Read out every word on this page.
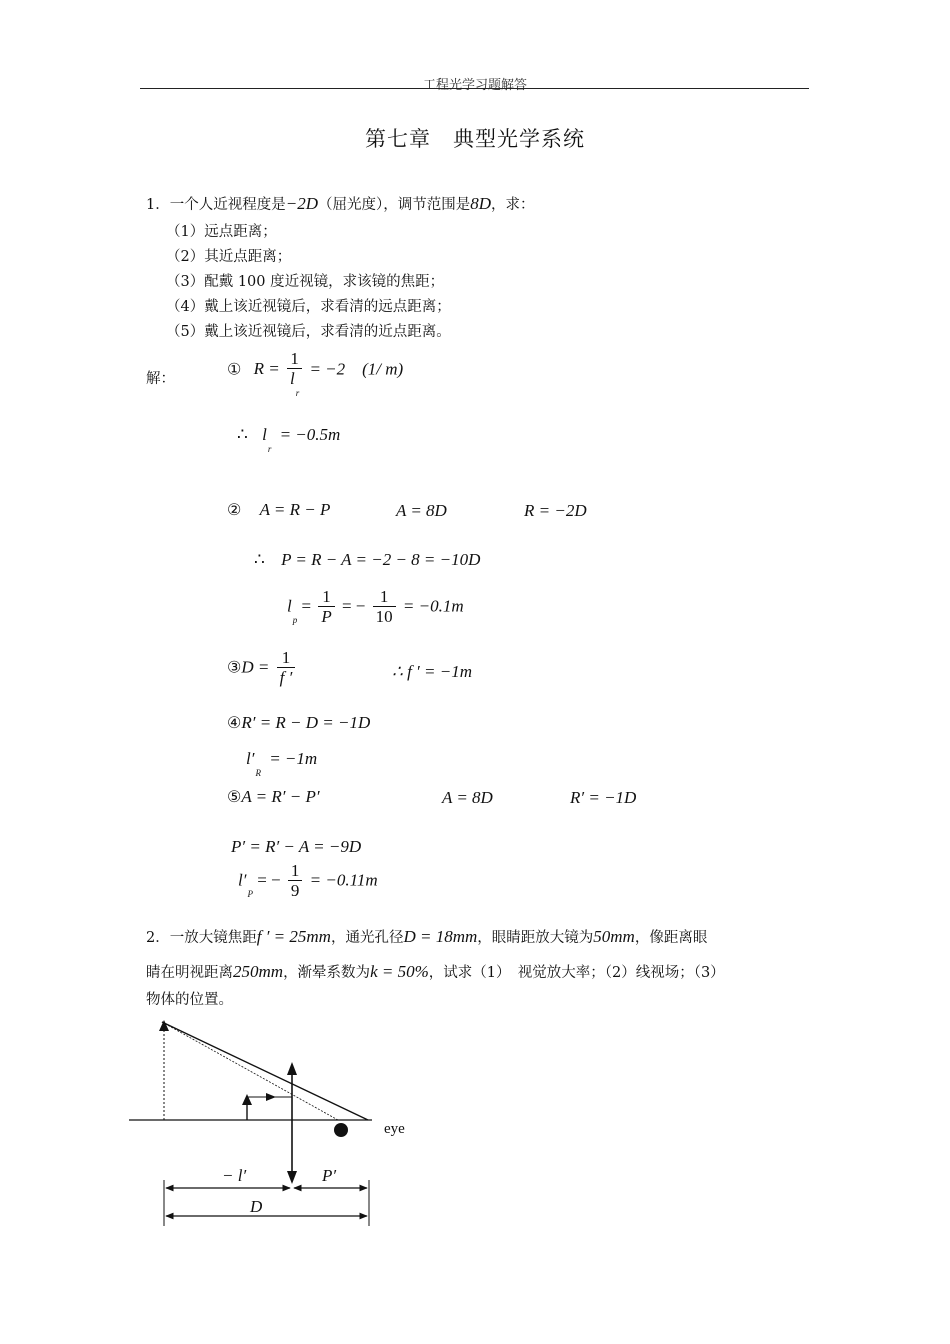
工程光学习题解答
第七章　典型光学系统
1．一个人近视程度是−2D（屈光度），调节范围是8D，求：
（1）远点距离；
（2）其近点距离；
（3）配戴 100 度近视镜，求该镜的焦距；
（4）戴上该近视镜后，求看清的远点距离；
（5）戴上该近视镜后，求看清的近点距离。
解：
① $R = \frac{1}{l_r} = -2$　(1/ m)
∴ $l_r = -0.5m$
② A = R − P	A = 8D	R = −2D
∴ P = R − A = −2 − 8 = −10D
$l_p = \frac{1}{P}$ = − $\frac{1}{10} = -0.1m$
③D = $\frac{1}{f '}$	∴ f ′ = −1m
④R′ = R − D = −1D
$l'_R = -1m$
⑤A = R′ − P′	A = 8D	R′ = −1D
P′ = R′ − A = −9D
$l'_P$ = − $\frac{1}{9} = -0.11m$
2．一放大镜焦距f ′ = 25mm，通光孔径D = 18mm，眼睛距放大镜为50mm，像距离眼
睛在明视距离250mm，渐晕系数为k = 50%，试求（1）　视觉放大率；（2）线视场；（3）
物体的位置。
eye
− l′	P′
D
